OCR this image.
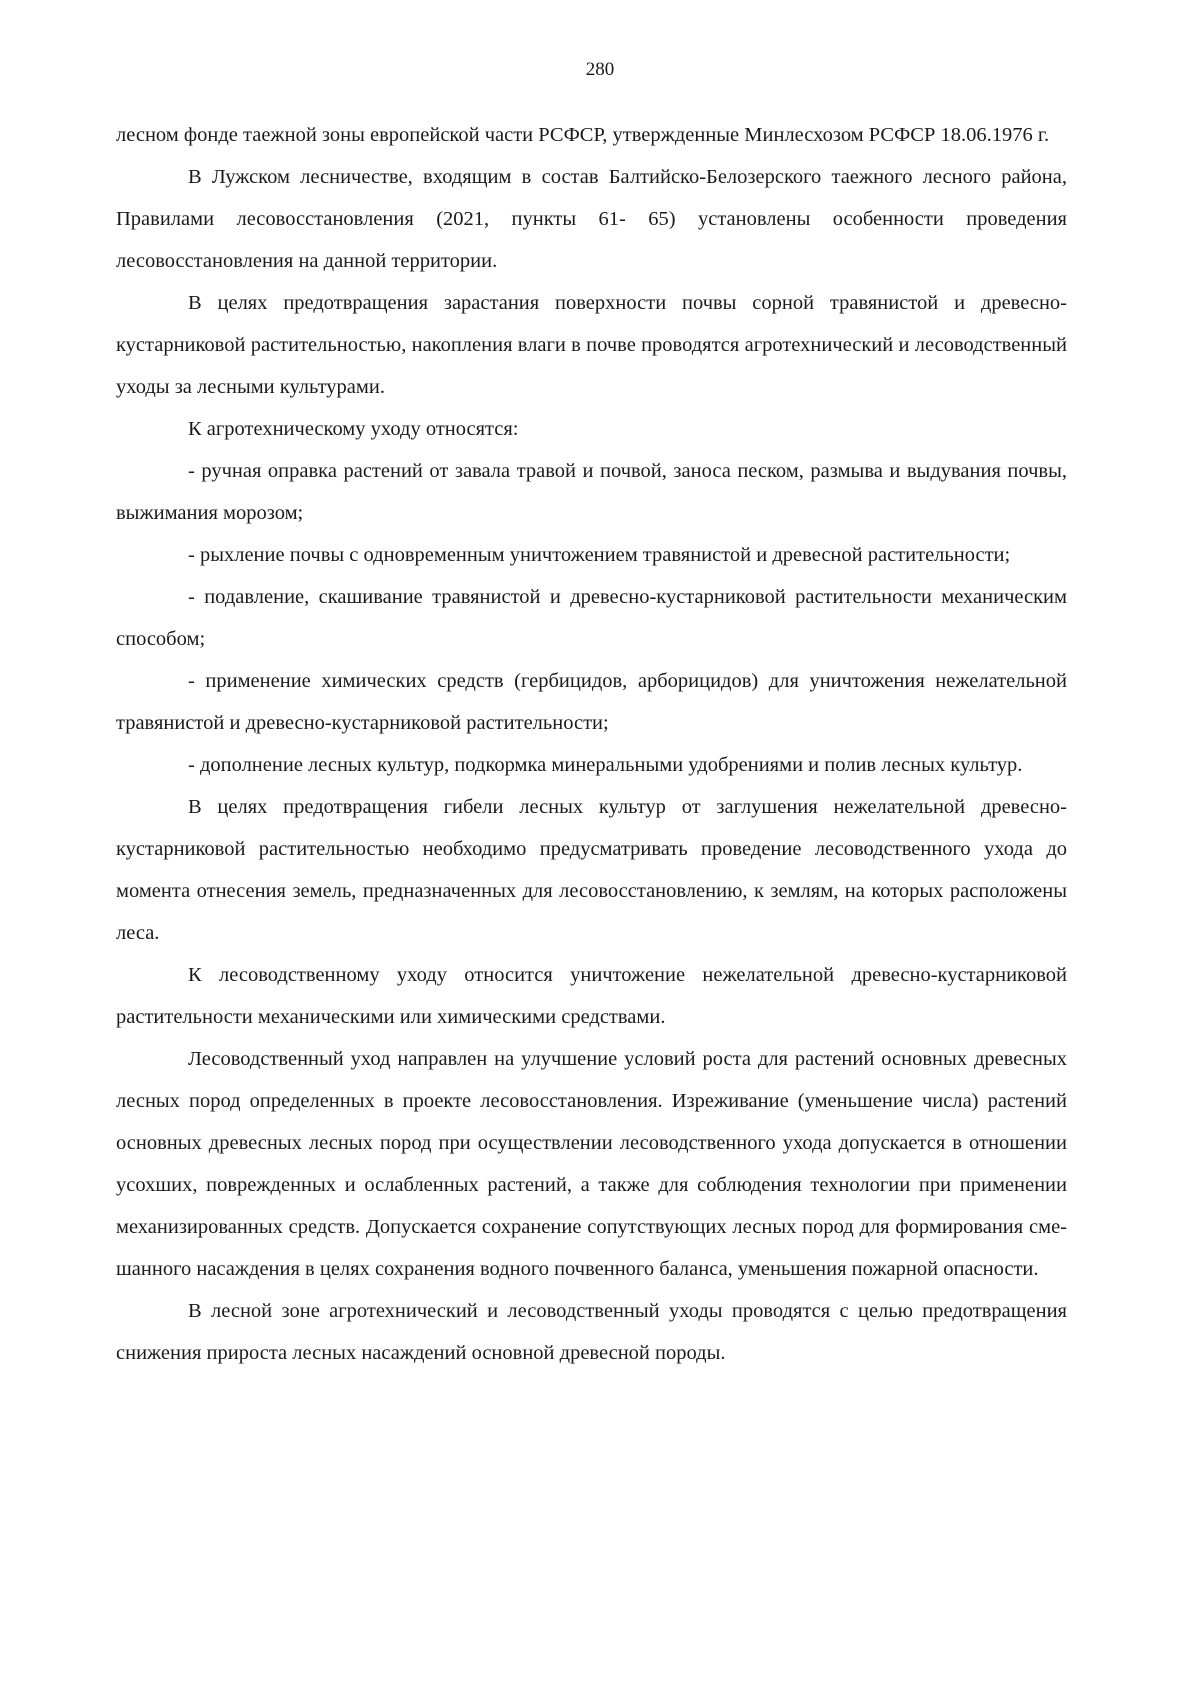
280

лесном фонде таежной зоны европейской части РСФСР, утвержденные Минлесхозом РСФСР 18.06.1976 г.

В Лужском лесничестве, входящим в состав Балтийско-Белозерского таежного лесного района, Правилами лесовосстановления (2021, пункты 61- 65) установлены особенности проведения лесовосстановления на данной территории.

В целях предотвращения зарастания поверхности почвы сорной травянистой и древесно-кустарниковой растительностью, накопления влаги в почве проводятся агротехнический и лесоводственный уходы за лесными культурами.

К агротехническому уходу относятся:

- ручная оправка растений от завала травой и почвой, заноса песком, размыва и выдувания почвы, выжимания морозом;

- рыхление почвы с одновременным уничтожением травянистой и древесной растительности;

- подавление, скашивание травянистой и древесно-кустарниковой растительности механическим способом;

- применение химических средств (гербицидов, арборицидов) для уничтожения нежелательной травянистой и древесно-кустарниковой растительности;

- дополнение лесных культур, подкормка минеральными удобрениями и полив лесных культур.

В целях предотвращения гибели лесных культур от заглушения нежелательной древесно-кустарниковой растительностью необходимо предусматривать проведение лесоводственного ухода до момента отнесения земель, предназначенных для лесовосстановлению, к землям, на которых расположены леса.

К лесоводственному уходу относится уничтожение нежелательной древесно-кустарниковой растительности механическими или химическими средствами.

Лесоводственный уход направлен на улучшение условий роста для растений основных древесных лесных пород определенных в проекте лесовосстановления. Изреживание (уменьшение числа) растений основных древесных лесных пород при осуществлении лесоводственного ухода допускается в отношении усохших, поврежденных и ослабленных растений, а также для соблюдения технологии при применении механизированных средств. Допускается сохранение сопутствующих лесных пород для формирования смешанного насаждения в целях сохранения водного почвенного баланса, уменьшения пожарной опасности.

В лесной зоне агротехнический и лесоводственный уходы проводятся с целью предотвращения снижения прироста лесных насаждений основной древесной породы.
